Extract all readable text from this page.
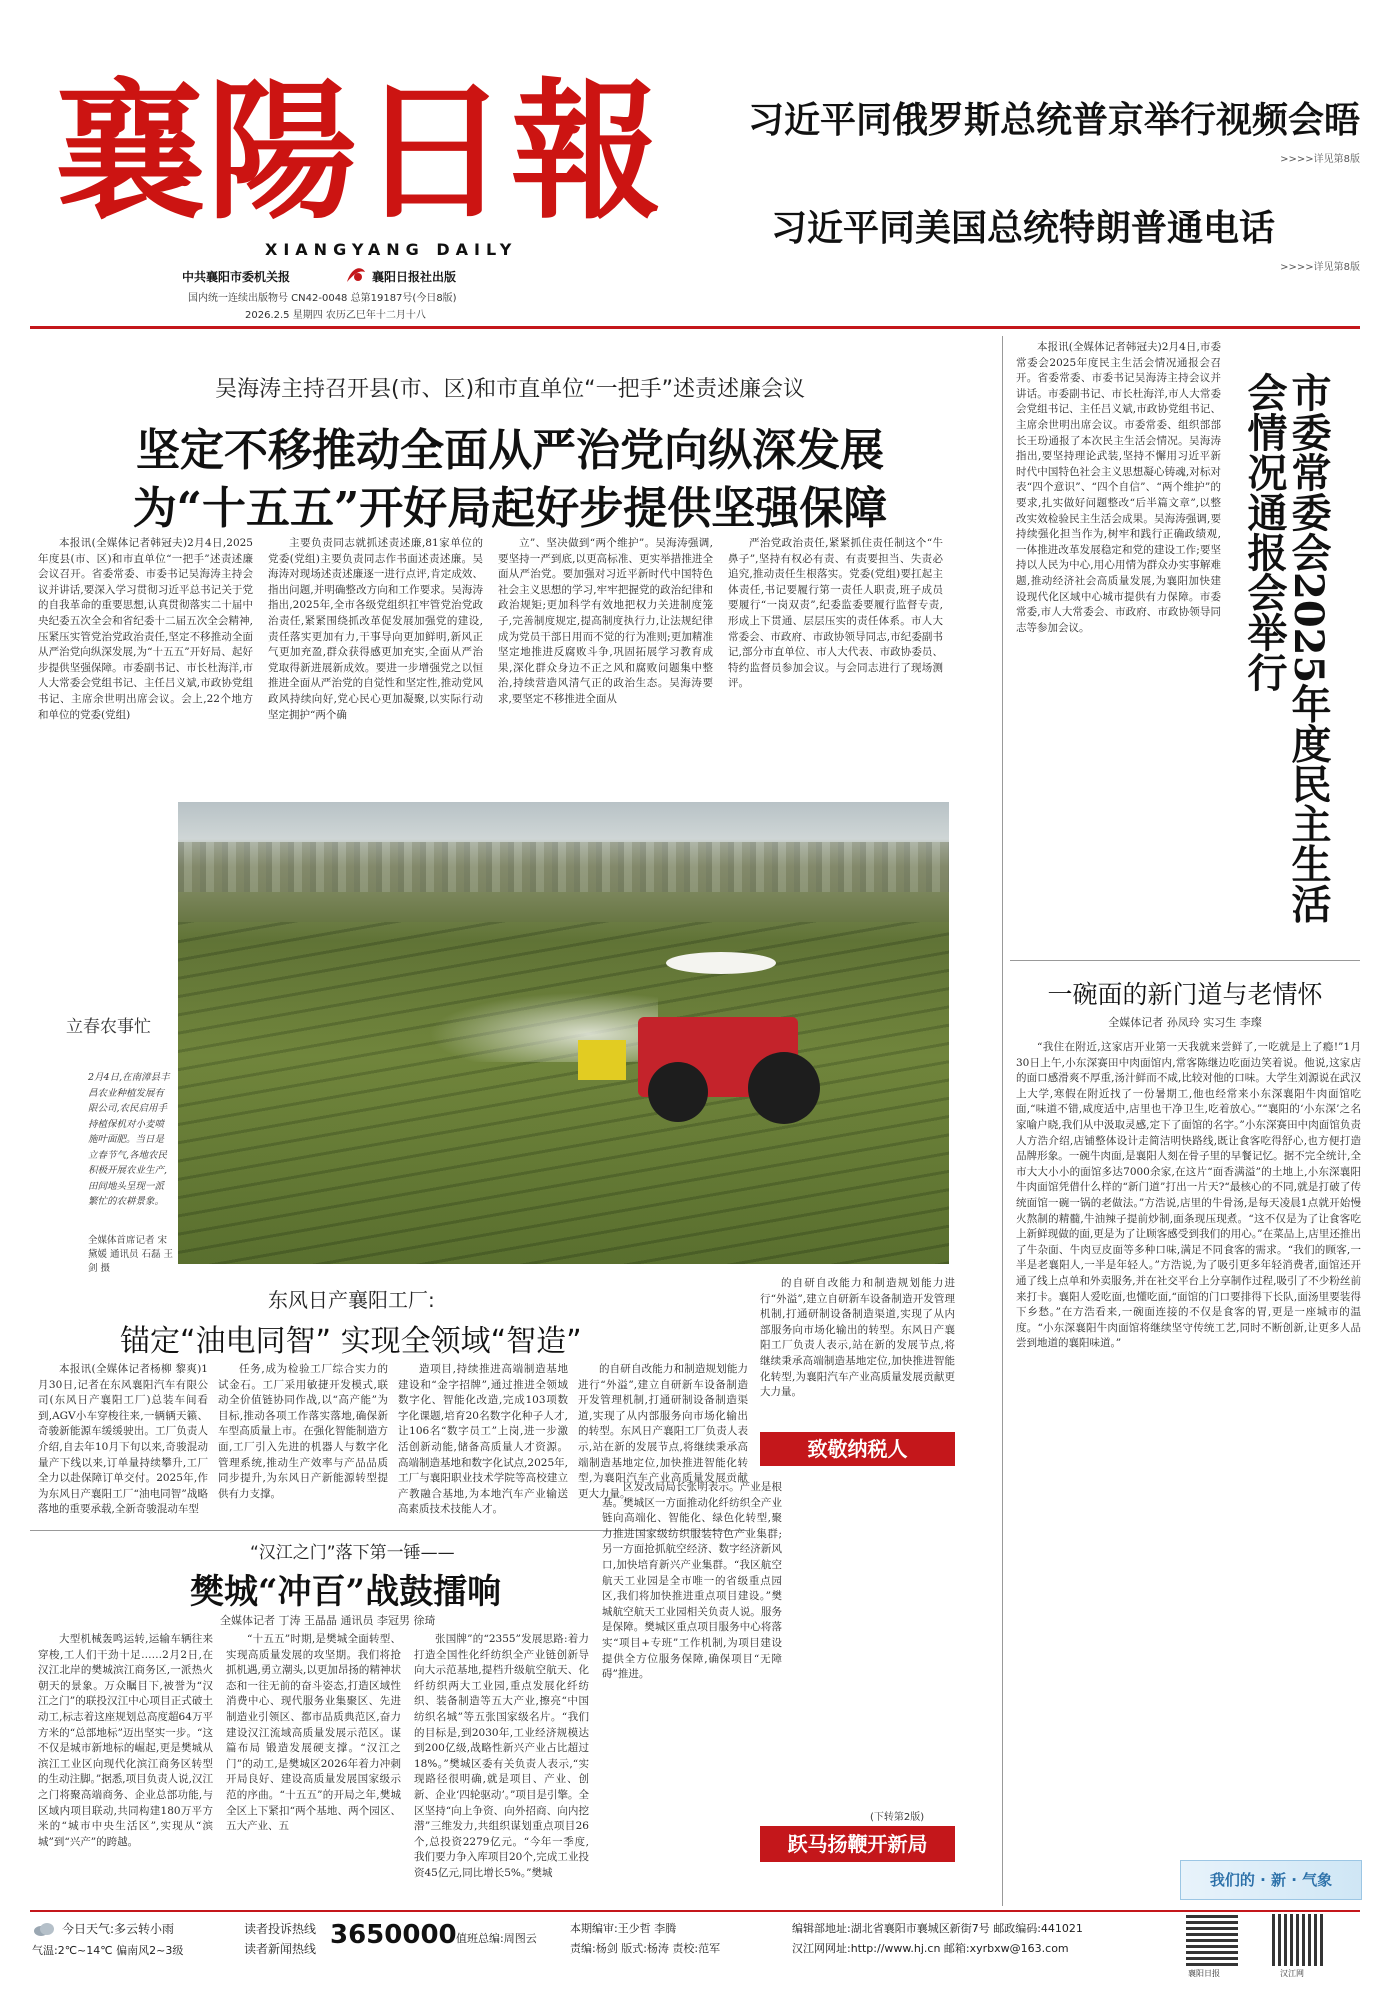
襄陽日報
XIANGYANG DAILY
中共襄阳市委机关报	襄阳日报社出版
国内统一连续出版物号 CN42-0048 总第19187号(今日8版)
2026.2.5 星期四 农历乙巳年十二月十八
习近平同俄罗斯总统普京举行视频会晤
>>>>详见第8版
习近平同美国总统特朗普通电话
>>>>详见第8版
吴海涛主持召开县(市、区)和市直单位“一把手”述责述廉会议
坚定不移推动全面从严治党向纵深发展
为“十五五”开好局起好步提供坚强保障

本报讯(全媒体记者韩冠夫)2月4日,2025年度县(市、区)和市直单位“一把手”述责述廉会议召开。省委常委、市委书记吴海涛主持会议并讲话,要深入学习贯彻习近平总书记关于党的自我革命的重要思想,认真贯彻落实二十届中央纪委五次全会和省纪委十二届五次全会精神,压紧压实管党治党政治责任,坚定不移推动全面从严治党向纵深发展,为“十五五”开好局、起好步提供坚强保障。市委副书记、市长杜海洋,市人大常委会党组书记、主任吕义斌,市政协党组书记、主席余世明出席会议。会上,22个地方和单位的党委(党组)

主要负责同志就抓述责述廉,81家单位的党委(党组)主要负责同志作书面述责述廉。吴海涛对现场述责述廉逐一进行点评,肯定成效、指出问题,并明确整改方向和工作要求。吴海涛指出,2025年,全市各级党组织扛牢管党治党政治责任,紧紧围绕抓改革促发展加强党的建设,责任落实更加有力,干事导向更加鲜明,新风正气更加充盈,群众获得感更加充实,全面从严治党取得新进展新成效。要进一步增强党之以恒推进全面从严治党的自觉性和坚定性,推动党风政风持续向好,党心民心更加凝聚,以实际行动坚定拥护“两个确

立”、坚决做到“两个维护”。吴海涛强调,要坚持一严到底,以更高标准、更实举措推进全面从严治党。要加强对习近平新时代中国特色社会主义思想的学习,牢牢把握党的政治纪律和政治规矩;更加科学有效地把权力关进制度笼子,完善制度规定,提高制度执行力,让法规纪律成为党员干部日用而不觉的行为准则;更加精准坚定地推进反腐败斗争,巩固拓展学习教育成果,深化群众身边不正之风和腐败问题集中整治,持续营造风清气正的政治生态。吴海涛要求,要坚定不移推进全面从

严治党政治责任,紧紧抓住责任制这个“牛鼻子”,坚持有权必有责、有责要担当、失责必追究,推动责任生根落实。党委(党组)要扛起主体责任,书记要履行第一责任人职责,班子成员要履行“一岗双责”,纪委监委要履行监督专责,形成上下贯通、层层压实的责任体系。市人大常委会、市政府、市政协领导同志,市纪委副书记,部分市直单位、市人大代表、市政协委员、特约监督员参加会议。与会同志进行了现场测评。

立春农事忙
2月4日,在南漳县丰昌农业种植发展有限公司,农民启用手持植保机对小麦喷施叶面肥。当日是立春节气,各地农民积极开展农业生产,田间地头呈现一派繁忙的农耕景象。
全媒体首席记者 宋黛媛 通讯员 石磊 王剑 摄
东风日产襄阳工厂:
锚定“油电同智” 实现全领域“智造”

本报讯(全媒体记者杨柳 黎爽)1月30日,记者在东风襄阳汽车有限公司(东风日产襄阳工厂)总装车间看到,AGV小车穿梭往来,一辆辆天籁、奇骏新能源车缓缓驶出。工厂负责人介绍,自去年10月下旬以来,奇骏混动量产下线以来,订单量持续攀升,工厂全力以赴保障订单交付。2025年,作为东风日产襄阳工厂“油电同智”战略落地的重要承载,全新奇骏混动车型

任务,成为检验工厂综合实力的试金石。工厂采用敏捷开发模式,联动全价值链协同作战,以“高产能”为目标,推动各项工作落实落地,确保新车型高质量上市。在强化智能制造方面,工厂引入先进的机器人与数字化管理系统,推动生产效率与产品品质同步提升,为东风日产新能源转型提供有力支撑。

造项目,持续推进高端制造基地建设和“金字招牌”,通过推进全领域数字化、智能化改造,完成103项数字化课题,培育20名数字化种子人才,让106名“数字员工”上岗,进一步激活创新动能,储备高质量人才资源。高端制造基地和数字化试点,2025年,工厂与襄阳职业技术学院等高校建立产教融合基地,为本地汽车产业输送高素质技术技能人才。

的自研自改能力和制造规划能力进行“外溢”,建立自研新车设备制造开发管理机制,打通研制设备制造渠道,实现了从内部服务向市场化输出的转型。东风日产襄阳工厂负责人表示,站在新的发展节点,将继续秉承高端制造基地定位,加快推进智能化转型,为襄阳汽车产业高质量发展贡献更大力量。

的自研自改能力和制造规划能力进行“外溢”,建立自研新车设备制造开发管理机制,打通研制设备制造渠道,实现了从内部服务向市场化输出的转型。东风日产襄阳工厂负责人表示,站在新的发展节点,将继续秉承高端制造基地定位,加快推进智能化转型,为襄阳汽车产业高质量发展贡献更大力量。

致敬纳税人
“汉江之门”落下第一锤——
樊城“冲百”战鼓擂响
全媒体记者 丁涛 王晶晶 通讯员 李冠男 徐琦

大型机械轰鸣运转,运输车辆往来穿梭,工人们干劲十足……2月2日,在汉江北岸的樊城滨江商务区,一派热火朝天的景象。万众瞩目下,被誉为“汉江之门”的联投汉江中心项目正式破土动工,标志着这座规划总高度超64万平方米的“总部地标”迈出坚实一步。“这不仅是城市新地标的崛起,更是樊城从滨江工业区向现代化滨江商务区转型的生动注脚。”据悉,项目负责人说,汉江之门将聚高端商务、企业总部功能,与区域内项目联动,共同构建180万平方米的“城市中央生活区”,实现从“滨城”到“兴产”的跨越。

“十五五”时期,是樊城全面转型、实现高质量发展的攻坚期。我们将抢抓机遇,勇立潮头,以更加昂扬的精神状态和一往无前的奋斗姿态,打造区域性消费中心、现代服务业集聚区、先进制造业引领区、都市品质典范区,奋力建设汉江流域高质量发展示范区。谋篇布局 锻造发展硬支撑。“汉江之门”的动工,是樊城区2026年着力冲刺开局良好、建设高质量发展国家级示范的序曲。“十五五”的开局之年,樊城全区上下紧扣“两个基地、两个园区、五大产业、五

张国牌”的“2355”发展思路:着力打造全国性化纤纺织全产业链创新导向大示范基地,提档升级航空航天、化纤纺织两大工业园,重点发展化纤纺织、装备制造等五大产业,擦亮“中国纺织名城”等五张国家级名片。“我们的目标是,到2030年,工业经济规模达到200亿级,战略性新兴产业占比超过18%。”樊城区委有关负责人表示,“实现路径很明确,就是项目、产业、创新、企业‘四轮驱动’。”项目是引擎。全区坚持“向上争资、向外招商、向内挖潜”三维发力,共组织谋划重点项目26个,总投资2279亿元。“今年一季度,我们要力争入库项目20个,完成工业投资45亿元,同比增长5%。”樊城

区发改局局长张明表示。产业是根基。樊城区一方面推动化纤纺织全产业链向高端化、智能化、绿色化转型,聚力推进国家级纺织服装特色产业集群;另一方面抢抓航空经济、数字经济新风口,加快培育新兴产业集群。“我区航空航天工业园是全市唯一的省级重点园区,我们将加快推进重点项目建设。”樊城航空航天工业园相关负责人说。服务是保障。樊城区重点项目服务中心将落实“项目+专班”工作机制,为项目建设提供全方位服务保障,确保项目“无障碍”推进。

(下转第2版)
跃马扬鞭开新局

本报讯(全媒体记者韩冠夫)2月4日,市委常委会2025年度民主生活会情况通报会召开。省委常委、市委书记吴海涛主持会议并讲话。市委副书记、市长杜海洋,市人大常委会党组书记、主任吕义斌,市政协党组书记、主席余世明出席会议。市委常委、组织部部长王玢通报了本次民主生活会情况。吴海涛指出,要坚持理论武装,坚持不懈用习近平新时代中国特色社会主义思想凝心铸魂,对标对表“四个意识”、“四个自信”、“两个维护”的要求,扎实做好问题整改“后半篇文章”,以整改实效检验民主生活会成果。吴海涛强调,要持续强化担当作为,树牢和践行正确政绩观,一体推进改革发展稳定和党的建设工作;要坚持以人民为中心,用心用情为群众办实事解难题,推动经济社会高质量发展,为襄阳加快建设现代化区域中心城市提供有力保障。市委常委,市人大常委会、市政府、市政协领导同志等参加会议。	市委常委会2025年度民主生活会情况通报会举行
一碗面的新门道与老情怀
全媒体记者 孙凤玲 实习生 李璨

“我住在附近,这家店开业第一天我就来尝鲜了,一吃就是上了瘾!”1月30日上午,小东深赛田中肉面馆内,常客陈继边吃面边笑着说。他说,这家店的面口感滑爽不厚重,汤汁鲜而不咸,比较对他的口味。大学生刘源说在武汉上大学,寒假在附近找了一份暑期工,他也经常来小东深襄阳牛肉面馆吃面,“味道不错,咸度适中,店里也干净卫生,吃着放心。”“襄阳的‘小东深’之名家喻户晓,我们从中汲取灵感,定下了面馆的名字。”小东深赛田中肉面馆负责人方浩介绍,店铺整体设计走简洁明快路线,既让食客吃得舒心,也方便打造品牌形象。一碗牛肉面,是襄阳人刻在骨子里的早餐记忆。据不完全统计,全市大大小小的面馆多达7000余家,在这片“面香满溢”的土地上,小东深襄阳牛肉面馆凭借什么样的“新门道”打出一片天?“最核心的不同,就是打破了传统面馆一碗一锅的老做法。”方浩说,店里的牛骨汤,是每天凌晨1点就开始慢火熬制的精髓,牛油辣子提前炒制,面条现压现煮。“这不仅是为了让食客吃上新鲜现做的面,更是为了让顾客感受到我们的用心。”在菜品上,店里还推出了牛杂面、牛肉豆皮面等多种口味,满足不同食客的需求。“我们的顾客,一半是老襄阳人,一半是年轻人。”方浩说,为了吸引更多年轻消费者,面馆还开通了线上点单和外卖服务,并在社交平台上分享制作过程,吸引了不少粉丝前来打卡。襄阳人爱吃面,也懂吃面,“面馆的门口要排得下长队,面汤里要装得下乡愁。”在方浩看来,一碗面连接的不仅是食客的胃,更是一座城市的温度。“小东深襄阳牛肉面馆将继续坚守传统工艺,同时不断创新,让更多人品尝到地道的襄阳味道。”

我们的 · 新 · 气象
今日天气:多云转小雨
气温:2℃~14℃ 偏南风2~3级
读者投诉热线
读者新闻热线 3650000 值班总编:周图云
本期编审:王少哲 李腾
责编:杨剑 版式:杨涛 责校:范军
编辑部地址:湖北省襄阳市襄城区新街7号 邮政编码:441021
汉江网网址:http://www.hj.cn 邮箱:xyrbxw@163.com
襄阳日报	汉江网
